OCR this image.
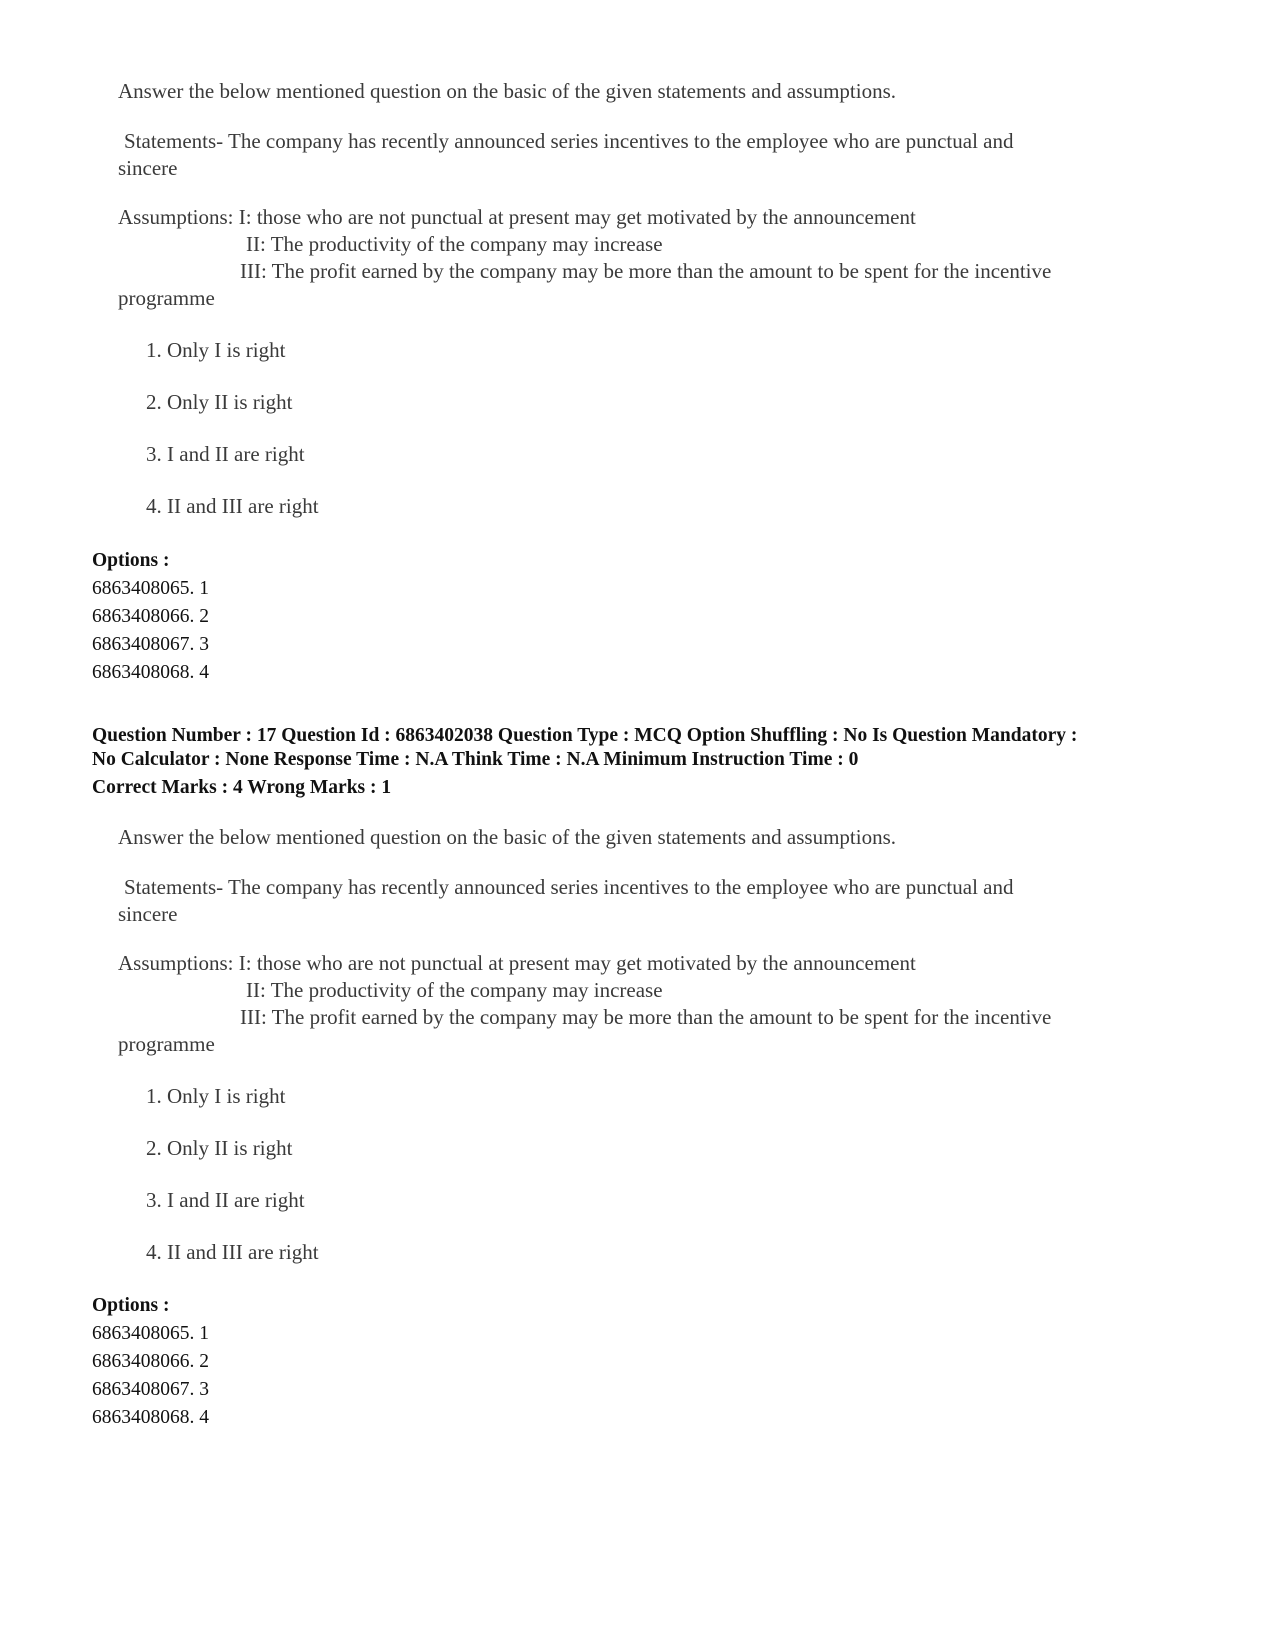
Answer the below mentioned question on the basic of the given statements and assumptions.
Statements- The company has recently announced series incentives to the employee who are punctual and
sincere
Assumptions: I: those who are not punctual at present may get motivated by the announcement
II: The productivity of the company may increase
III: The profit earned by the company may be more than the amount to be spent for the incentive
programme
1. Only I is right
2. Only II is right
3. I and II are right
4. II and III are right
Options :
6863408065. 1
6863408066. 2
6863408067. 3
6863408068. 4
Question Number : 17 Question Id : 6863402038 Question Type : MCQ Option Shuffling : No Is Question Mandatory :
No Calculator : None Response Time : N.A Think Time : N.A Minimum Instruction Time : 0
Correct Marks : 4 Wrong Marks : 1
Answer the below mentioned question on the basic of the given statements and assumptions.
Statements- The company has recently announced series incentives to the employee who are punctual and
sincere
Assumptions: I: those who are not punctual at present may get motivated by the announcement
II: The productivity of the company may increase
III: The profit earned by the company may be more than the amount to be spent for the incentive
programme
1. Only I is right
2. Only II is right
3. I and II are right
4. II and III are right
Options :
6863408065. 1
6863408066. 2
6863408067. 3
6863408068. 4
